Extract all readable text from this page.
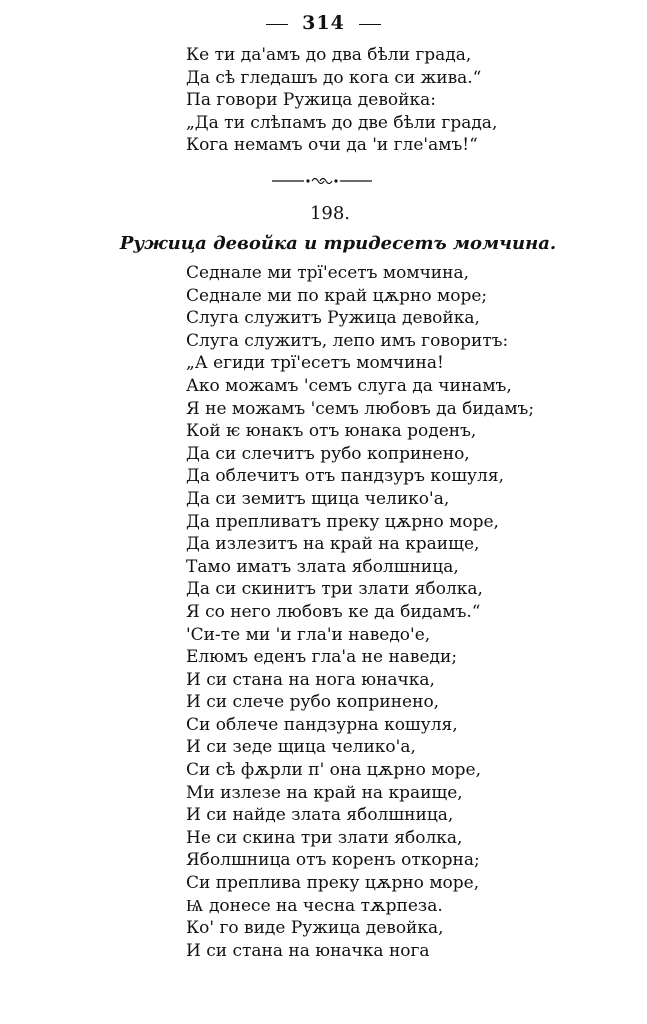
314
Ке ти да'амъ до два бѣли града,
Да сѣ гледашъ до кога си жива.“
Па говори Ружица девойка:
„Да ти слѣпамъ до две бѣли града,
Кога немамъ очи да 'и гле'амъ!“
198.
Ружица девойка и тридесетъ момчина.
Седнале ми трї'есетъ момчина,
Седнале ми по край цѫрно море;
Слуга служитъ Ружица девойка,
Слуга служитъ, лепо имъ говоритъ:
„А егиди трї'есетъ момчина!
Ако можамъ 'семъ слуга да чинамъ,
Я не можамъ 'семъ любовъ да бидамъ;
Кой ѥ юнакъ отъ юнака роденъ,
Да си слечитъ рубо копринено,
Да облечитъ отъ пандзуръ кошуля,
Да си земитъ щица челико'а,
Да препливатъ преку цѫрно море,
Да излезитъ на край на краище,
Тамо иматъ злата яболшница,
Да си скинитъ три злати яболка,
Я со него любовъ ке да бидамъ.“
'Си-те ми 'и гла'и наведо'е,
Елюмъ еденъ гла'а не наведи;
И си стана на нога юначка,
И си слече рубо копринено,
Си облече пандзурна кошуля,
И си зеде щица челико'а,
Си сѣ фѫрли п' она цѫрно море,
Ми излезе на край на краище,
И си найде злата яболшница,
Не си скина три злати яболка,
Яболшница отъ коренъ откорна;
Си преплива преку цѫрно море,
Ѩ донесе на чесна тѫрпеза.
Ко' го виде Ружица девойка,
И си стана на юначка нога
